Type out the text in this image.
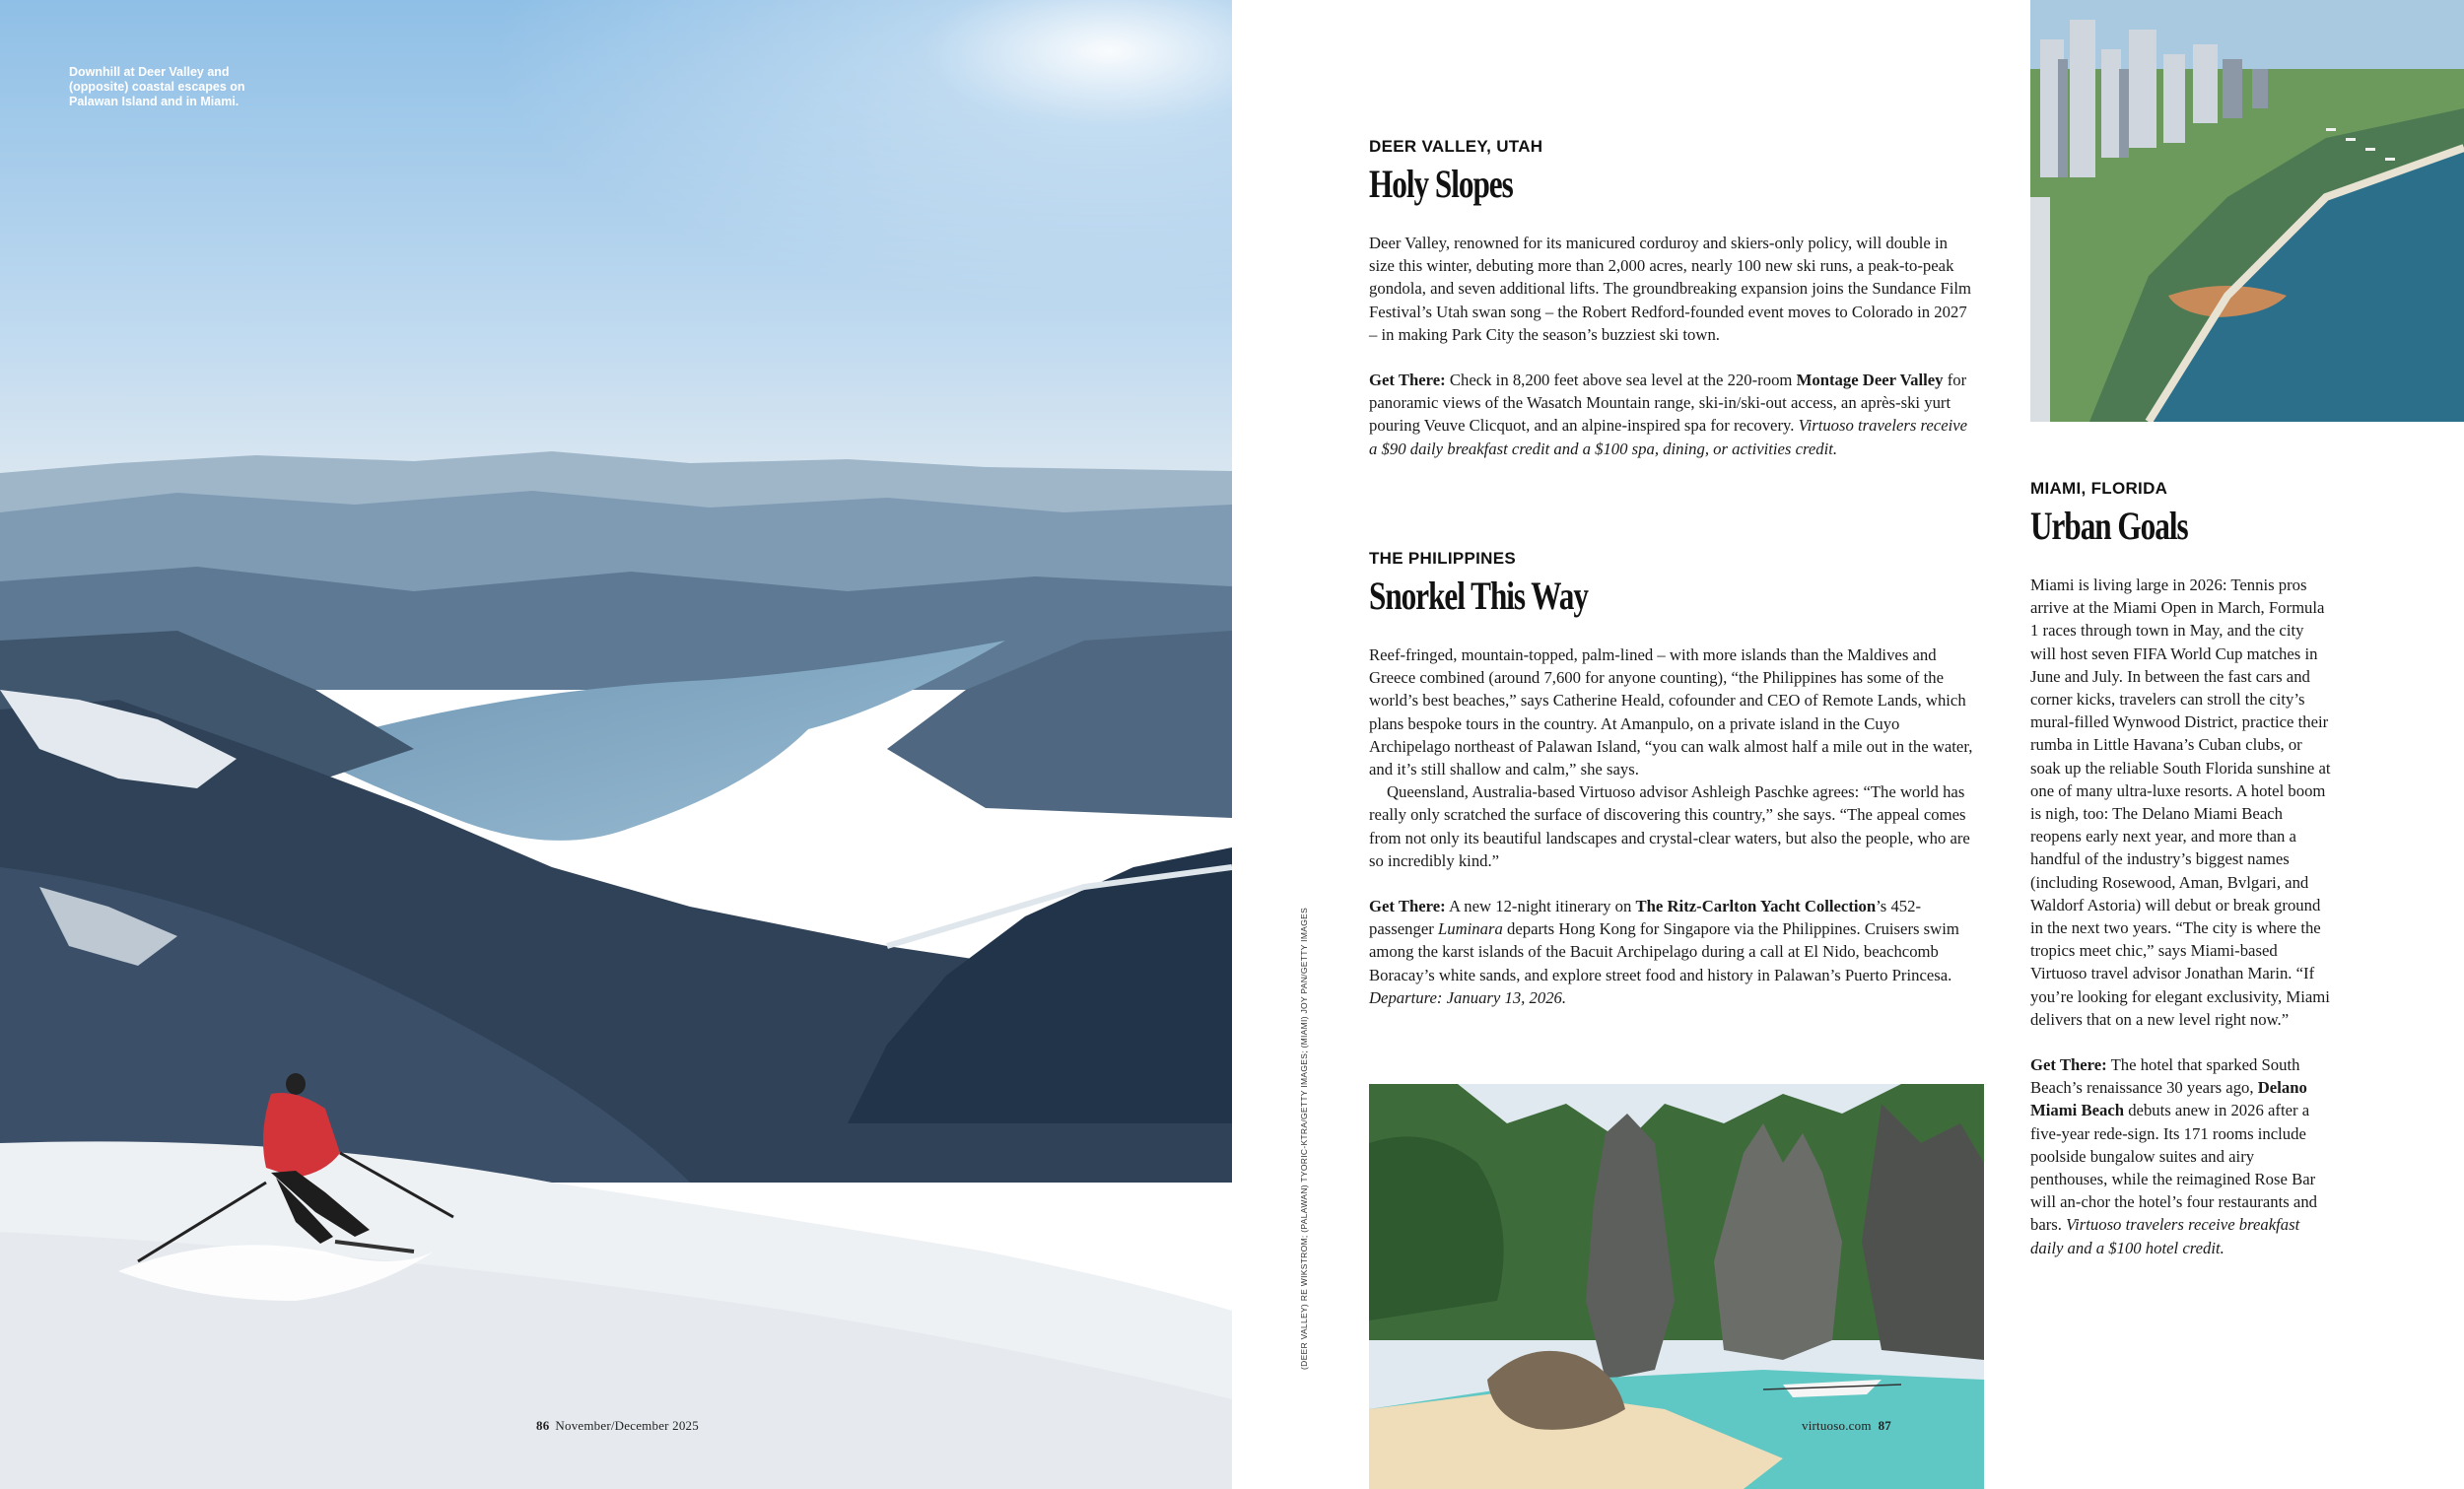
Downhill at Deer Valley and (opposite) coastal escapes on Palawan Island and in Miami.
86 November/December 2025
(DEER VALLEY) RE WIKSTROM; (PALAWAN) TYORIC-KTRA/GETTY IMAGES; (MIAMI) JOY PAN/GETTY IMAGES
DEER VALLEY, UTAH
Holy Slopes

Deer Valley, renowned for its manicured corduroy and skiers-only policy, will double in size this winter, debuting more than 2,000 acres, nearly 100 new ski runs, a peak-to-peak gondola, and seven additional lifts. The groundbreaking expansion joins the Sundance Film Festival’s Utah swan song – the Robert Redford-founded event moves to Colorado in 2027 – in making Park City the season’s buzziest ski town.

Get There: Check in 8,200 feet above sea level at the 220-room Montage Deer Valley for panoramic views of the Wasatch Mountain range, ski-in/ski-out access, an après-ski yurt pouring Veuve Clicquot, and an alpine-inspired spa for recovery. Virtuoso travelers receive a $90 daily breakfast credit and a $100 spa, dining, or activities credit.

THE PHILIPPINES
Snorkel This Way

Reef-fringed, mountain-topped, palm-lined – with more islands than the Maldives and Greece combined (around 7,600 for anyone counting), “the Philippines has some of the world’s best beaches,” says Catherine Heald, cofounder and CEO of Remote Lands, which plans bespoke tours in the country. At Amanpulo, on a private island in the Cuyo Archipelago northeast of Palawan Island, “you can walk almost half a mile out in the water, and it’s still shallow and calm,” she says.

Queensland, Australia-based Virtuoso advisor Ashleigh Paschke agrees: “The world has really only scratched the surface of discovering this country,” she says. “The appeal comes from not only its beautiful landscapes and crystal-clear waters, but also the people, who are so incredibly kind.”

Get There: A new 12-night itinerary on The Ritz-Carlton Yacht Collection’s 452-passenger Luminara departs Hong Kong for Singapore via the Philippines. Cruisers swim among the karst islands of the Bacuit Archipelago during a call at El Nido, beachcomb Boracay’s white sands, and explore street food and history in Palawan’s Puerto Princesa. Departure: January 13, 2026.

virtuoso.com 87
MIAMI, FLORIDA
Urban Goals

Miami is living large in 2026: Tennis pros arrive at the Miami Open in March, Formula 1 races through town in May, and the city will host seven FIFA World Cup matches in June and July. In between the fast cars and corner kicks, travelers can stroll the city’s mural-filled Wynwood District, practice their rumba in Little Havana’s Cuban clubs, or soak up the reliable South Florida sunshine at one of many ultra-luxe resorts. A hotel boom is nigh, too: The Delano Miami Beach reopens early next year, and more than a handful of the industry’s biggest names (including Rosewood, Aman, Bvlgari, and Waldorf Astoria) will debut or break ground in the next two years. “The city is where the tropics meet chic,” says Miami-based Virtuoso travel advisor Jonathan Marin. “If you’re looking for elegant exclusivity, Miami delivers that on a new level right now.”

Get There: The hotel that sparked South Beach’s renaissance 30 years ago, Delano Miami Beach debuts anew in 2026 after a five-year rede-sign. Its 171 rooms include poolside bungalow suites and airy penthouses, while the reimagined Rose Bar will an-chor the hotel’s four restaurants and bars. Virtuoso travelers receive breakfast daily and a $100 hotel credit.
